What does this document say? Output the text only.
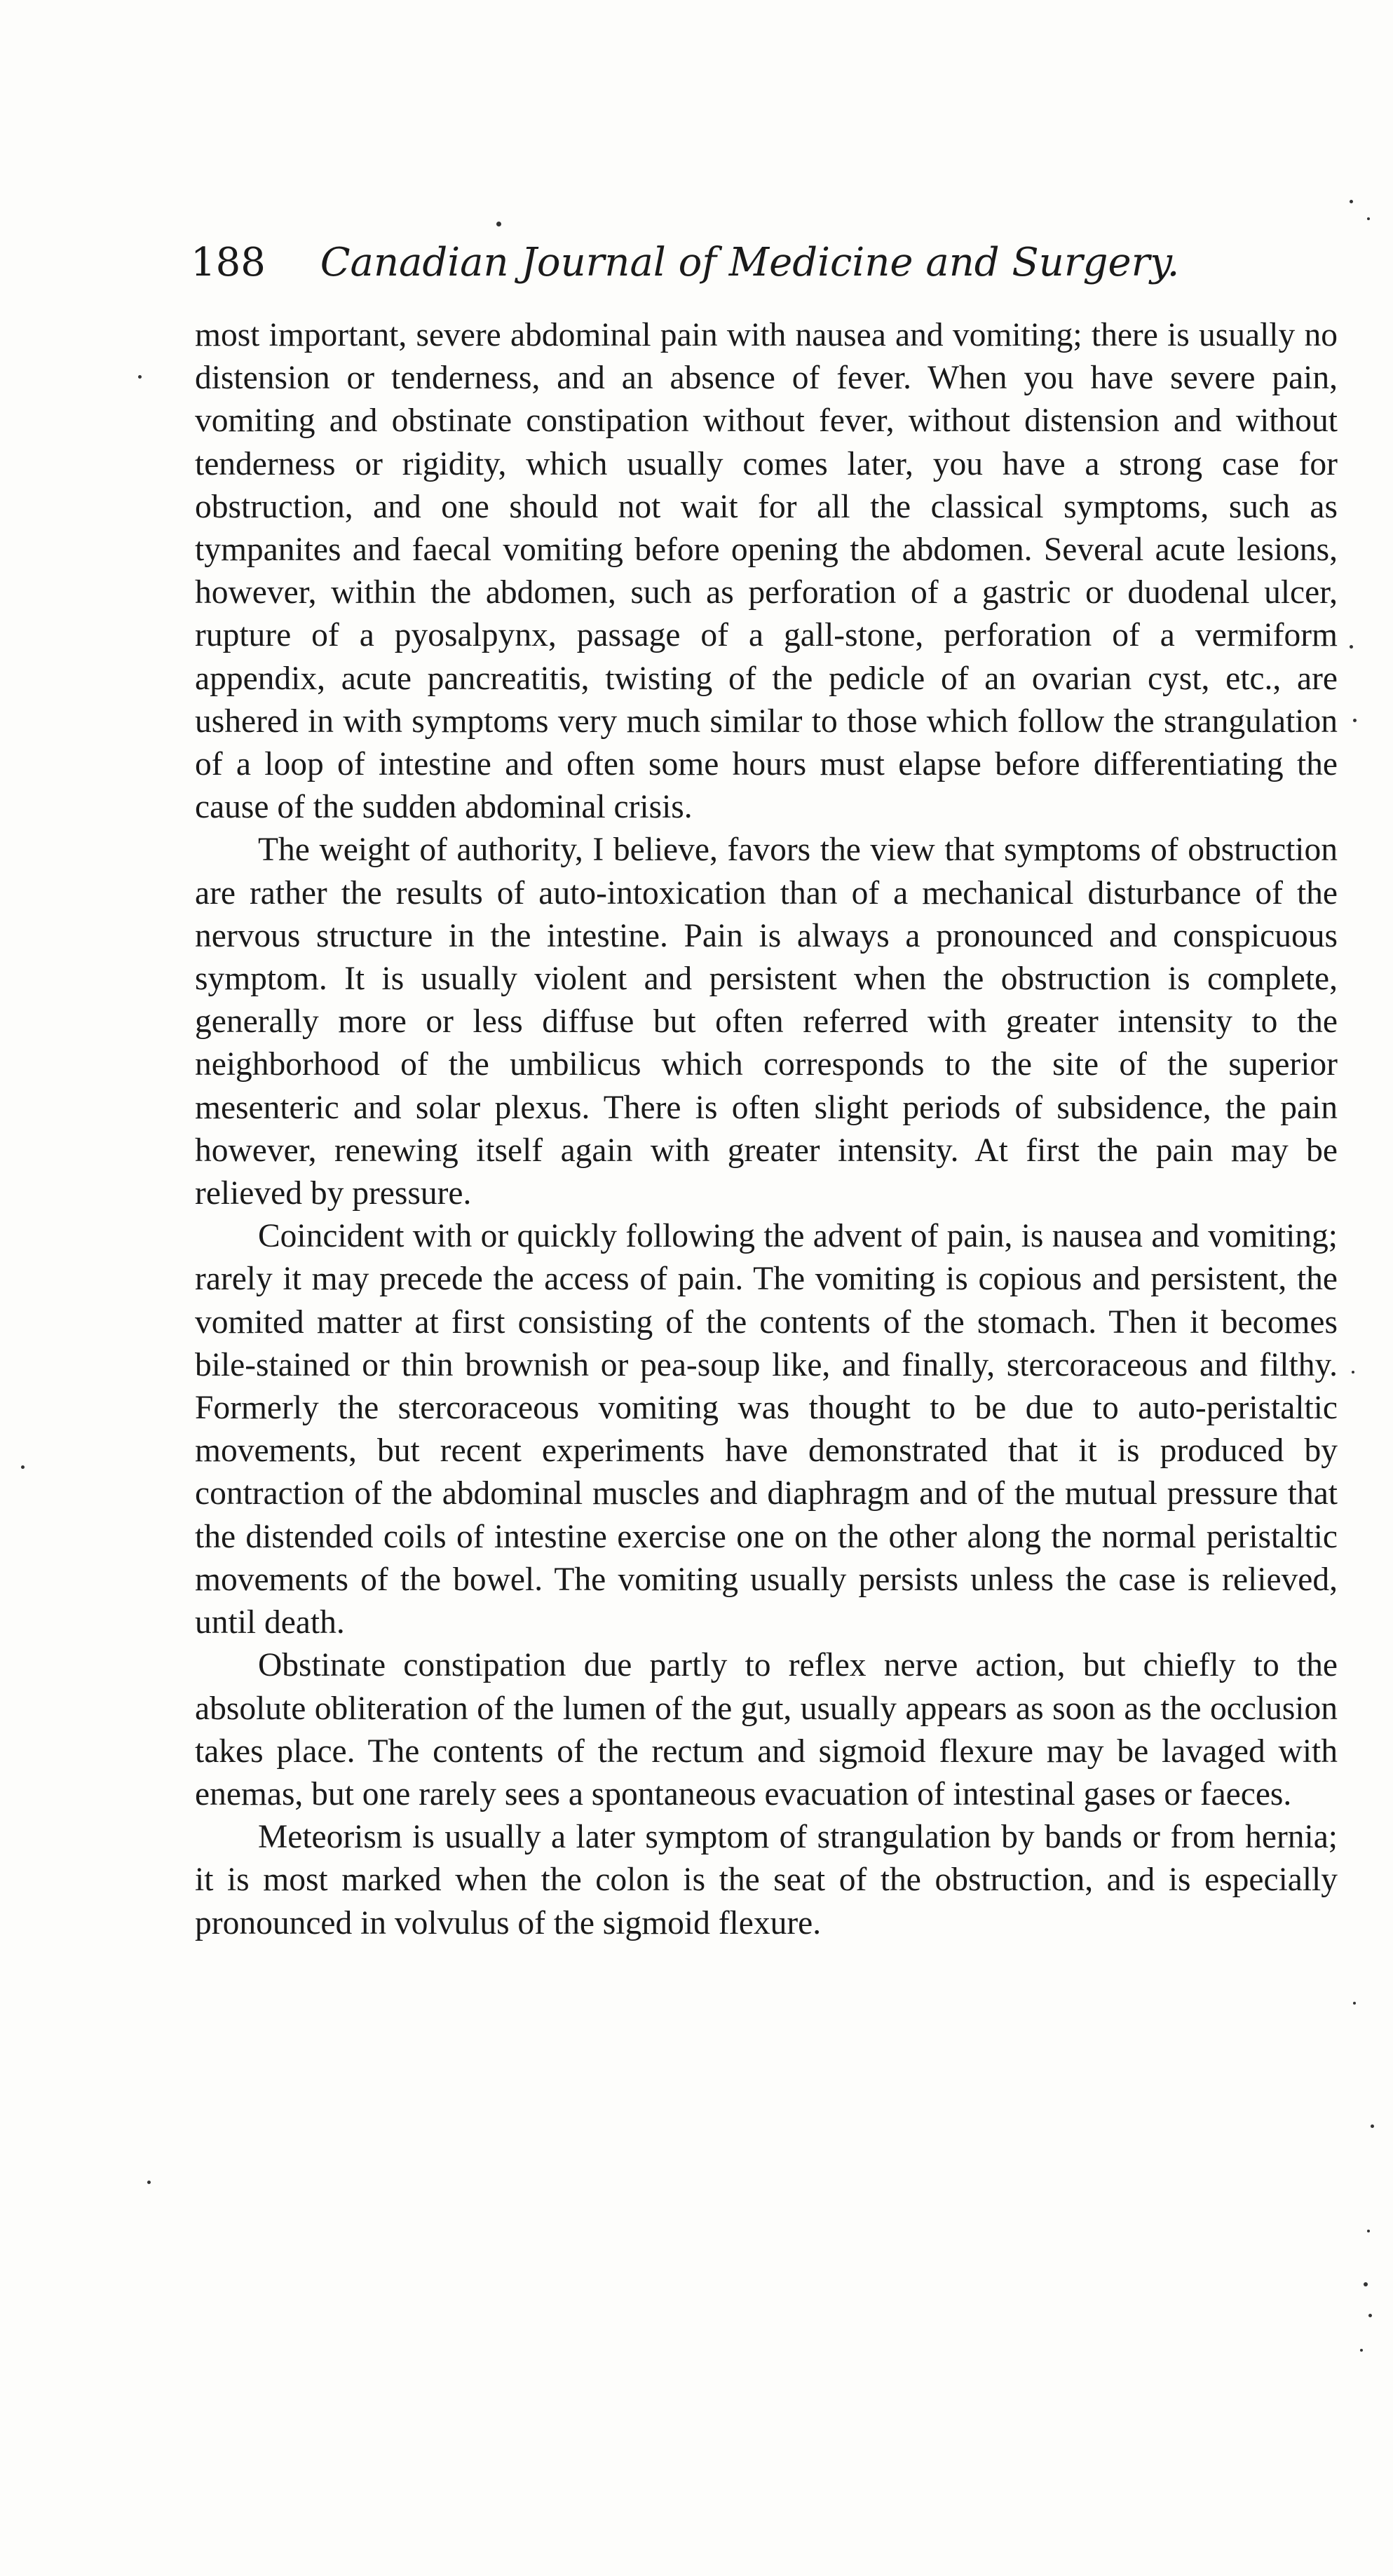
188 Canadian Journal of Medicine and Surgery.

most important, severe abdominal pain with nausea and vomiting; there is usually no distension or tenderness, and an absence of fever. When you have severe pain, vomiting and obstinate constipation without fever, without distension and without tenderness or rigidity, which usually comes later, you have a strong case for obstruction, and one should not wait for all the classical symptoms, such as tympanites and faecal vomiting before opening the abdomen. Several acute lesions, however, within the abdomen, such as perforation of a gastric or duodenal ulcer, rupture of a pyosalpynx, passage of a gall-stone, perforation of a vermiform appendix, acute pancreatitis, twisting of the pedicle of an ovarian cyst, etc., are ushered in with symptoms very much similar to those which follow the strangulation of a loop of intestine and often some hours must elapse before differentiating the cause of the sudden abdominal crisis.

The weight of authority, I believe, favors the view that symptoms of obstruction are rather the results of auto-intoxication than of a mechanical disturbance of the nervous structure in the intestine. Pain is always a pronounced and conspicuous symptom. It is usually violent and persistent when the obstruction is complete, generally more or less diffuse but often referred with greater intensity to the neighborhood of the umbilicus which corresponds to the site of the superior mesenteric and solar plexus. There is often slight periods of subsidence, the pain however, renewing itself again with greater intensity. At first the pain may be relieved by pressure.

Coincident with or quickly following the advent of pain, is nausea and vomiting; rarely it may precede the access of pain. The vomiting is copious and persistent, the vomited matter at first consisting of the contents of the stomach. Then it becomes bile-stained or thin brownish or pea-soup like, and finally, stercoraceous and filthy. Formerly the stercoraceous vomiting was thought to be due to auto-peristaltic movements, but recent experiments have demonstrated that it is produced by contraction of the abdominal muscles and diaphragm and of the mutual pressure that the distended coils of intestine exercise one on the other along the normal peristaltic movements of the bowel. The vomiting usually persists unless the case is relieved, until death.

Obstinate constipation due partly to reflex nerve action, but chiefly to the absolute obliteration of the lumen of the gut, usually appears as soon as the occlusion takes place. The contents of the rectum and sigmoid flexure may be lavaged with enemas, but one rarely sees a spontaneous evacuation of intestinal gases or faeces.

Meteorism is usually a later symptom of strangulation by bands or from hernia; it is most marked when the colon is the seat of the obstruction, and is especially pronounced in volvulus of the sigmoid flexure.
